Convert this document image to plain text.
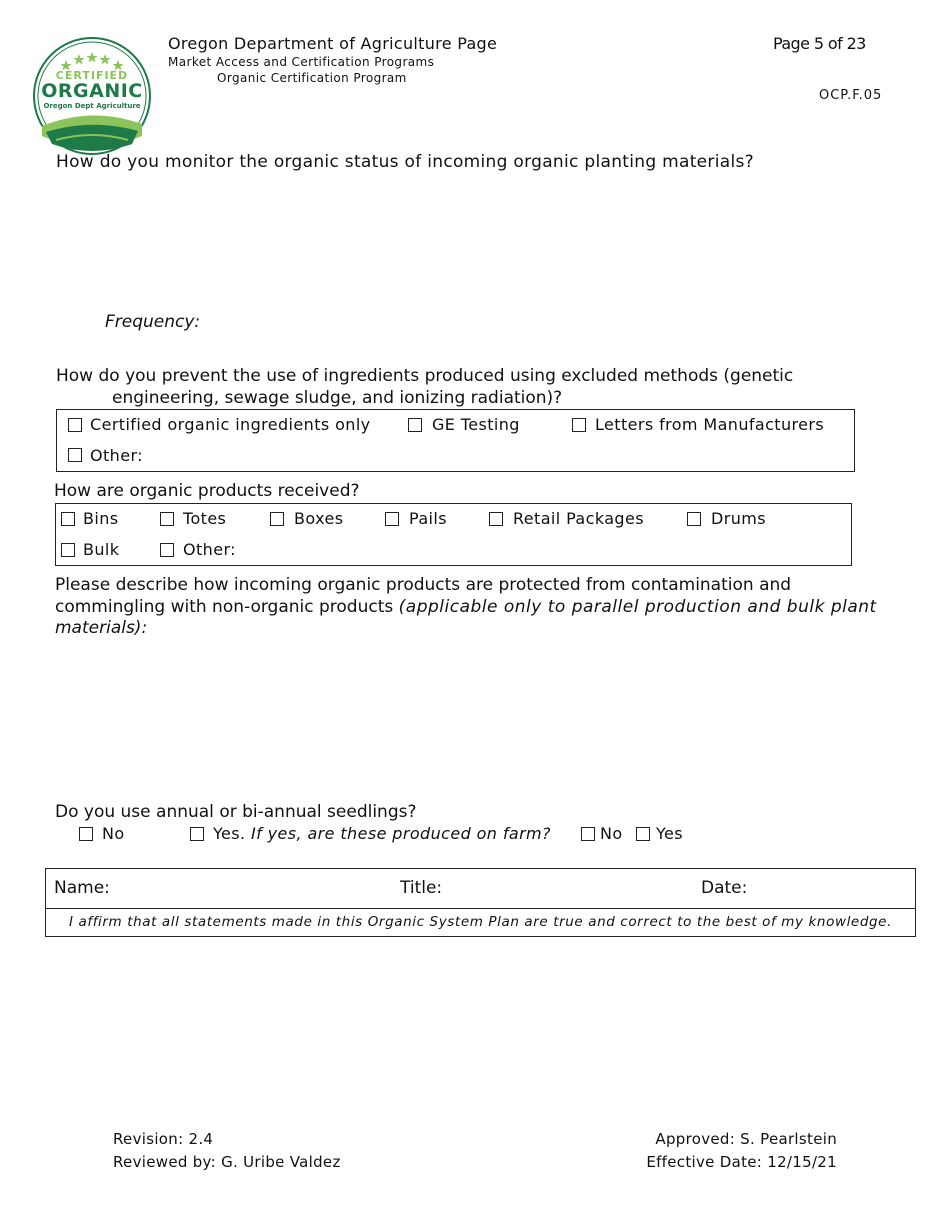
CERTIFIED
ORGANIC
Oregon Dept Agriculture
Oregon Department of Agriculture Page
Market Access and Certification Programs
Organic Certification Program
Page 5 of 23
OCP.F.05
How do you monitor the organic status of incoming organic planting materials?
Frequency:
How do you prevent the use of ingredients produced using excluded methods (genetic
engineering, sewage sludge, and ionizing radiation)?
Certified organic ingredients only	GE Testing	Letters from Manufacturers
Other:
How are organic products received?
Bins	Totes	Boxes	Pails	Retail Packages	Drums
Bulk	Other:
Please describe how incoming organic products are protected from contamination and
commingling with non-organic products (applicable only to parallel production and bulk plant
materials):
Do you use annual or bi-annual seedlings?
No	Yes. If yes, are these produced on farm?	No Yes
Name:	Title:	Date:
I affirm that all statements made in this Organic System Plan are true and correct to the best of my knowledge.
Revision: 2.4
Reviewed by: G. Uribe Valdez
Approved: S. Pearlstein
Effective Date: 12/15/21
